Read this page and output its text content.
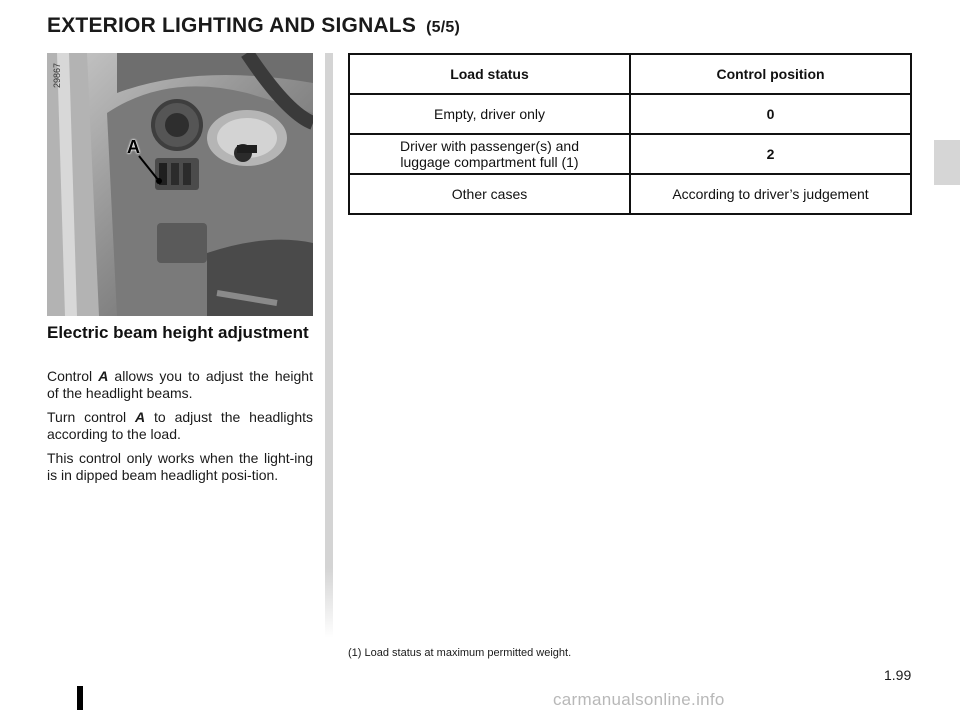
EXTERIOR LIGHTING AND SIGNALS (5/5)
29867
A
Electric beam height adjustment
Control A allows you to adjust the height of the headlight beams.
Turn control A to adjust the headlights according to the load.
This control only works when the light-ing is in dipped beam headlight posi-tion.
Load status	Control position
Empty, driver only	0
Driver with passenger(s) and luggage compartment full (1)	2
Other cases	According to driver’s judgement
(1) Load status at maximum permitted weight.
1.99
carmanualsonline.info
